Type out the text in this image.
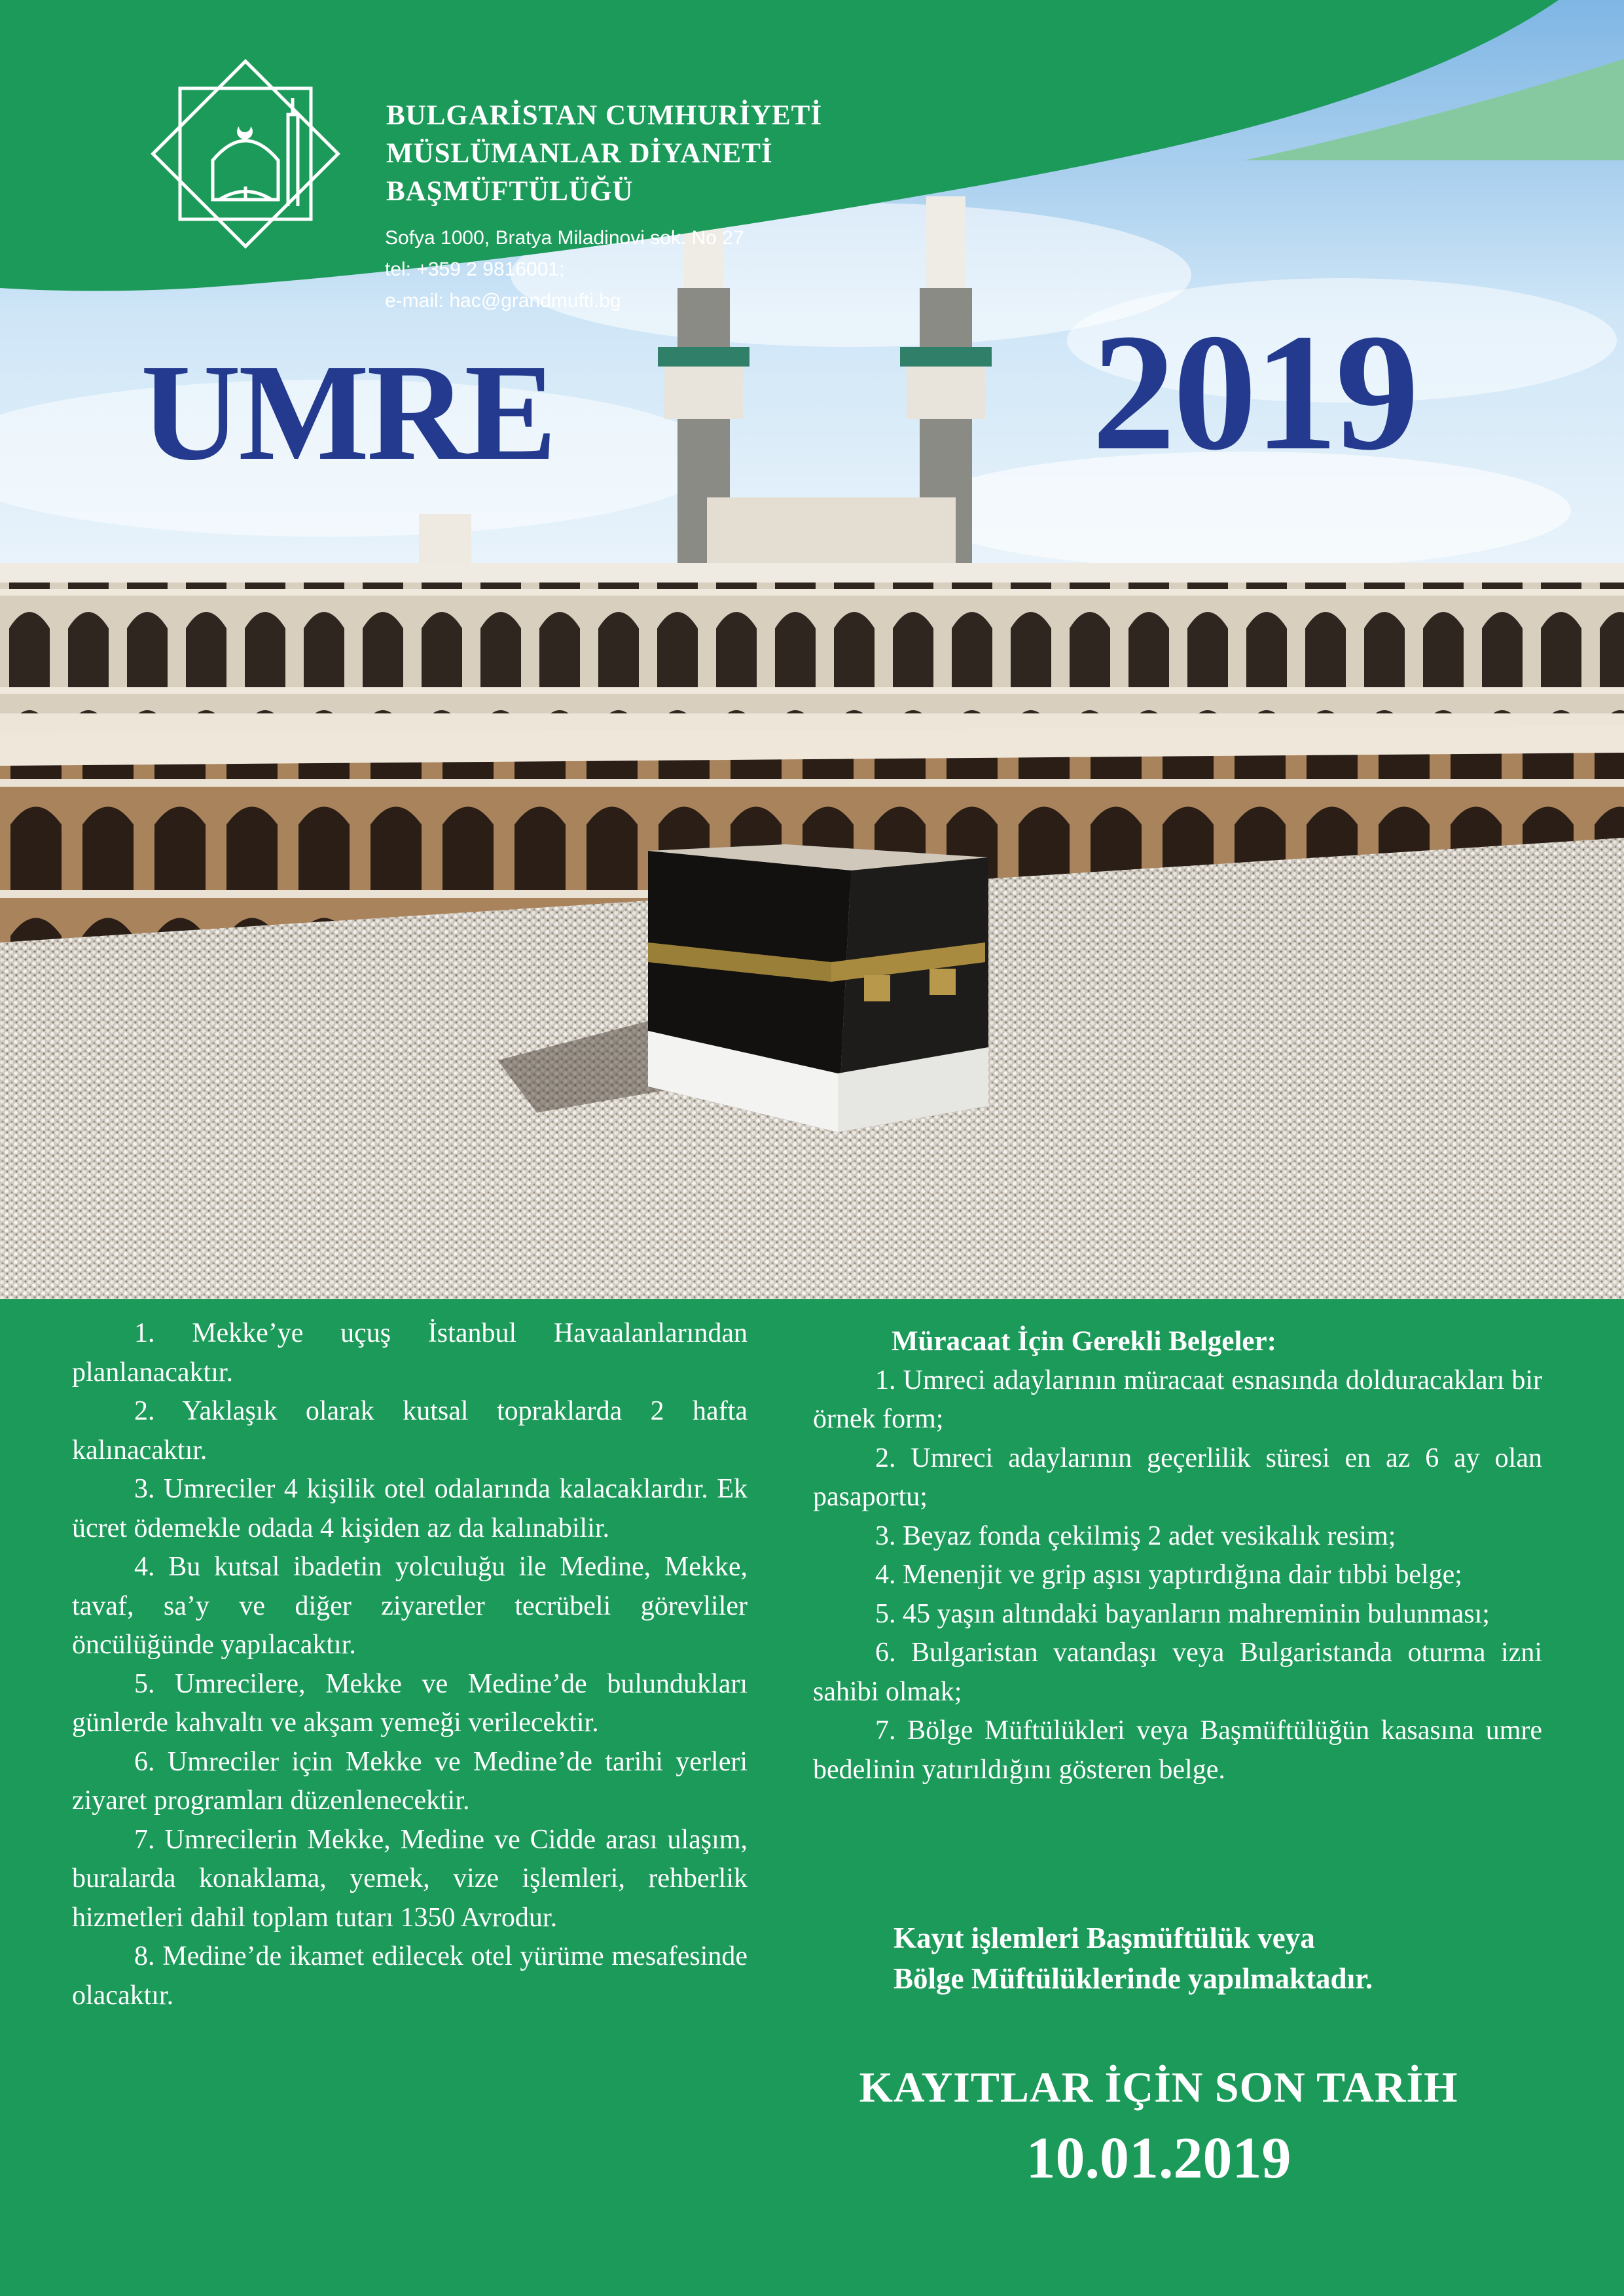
BULGARİSTAN CUMHURİYETİ
MÜSLÜMANLAR DİYANETİ
BAŞMÜFTÜLÜĞÜ
Sofya 1000, Bratya Miladinovi sok. No 27
tel: +359 2 9816001;
e-mail: hac@grandmufti.bg
UMRE	2019

1. Mekke’ye uçuş İstanbul Havaalanlarından planlanacaktır.

2. Yaklaşık olarak kutsal topraklarda 2 hafta kalınacaktır.

3. Umreciler 4 kişilik otel odalarında kalacaklardır. Ek ücret ödemekle odada 4 kişiden az da kalınabilir.

4. Bu kutsal ibadetin yolculuğu ile Medine, Mekke, tavaf, sa’y ve diğer ziyaretler tecrübeli görevliler öncülüğünde yapılacaktır.

5. Umrecilere, Mekke ve Medine’de bulundukları günlerde kahvaltı ve akşam yemeği verilecektir.

6. Umreciler için Mekke ve Medine’de tarihi yerleri ziyaret programları düzenlenecektir.

7. Umrecilerin Mekke, Medine ve Cidde arası ulaşım, buralarda konaklama, yemek, vize işlemleri, rehberlik hizmetleri dahil toplam tutarı 1350 Avrodur.

8. Medine’de ikamet edilecek otel yürüme mesafesinde olacaktır.

Müracaat İçin Gerekli Belgeler:

1. Umreci adaylarının müracaat esnasında dolduracakları bir örnek form;

2. Umreci adaylarının geçerlilik süresi en az 6 ay olan pasaportu;

3. Beyaz fonda çekilmiş 2 adet vesikalık resim;

4. Menenjit ve grip aşısı yaptırdığına dair tıbbi belge;

5. 45 yaşın altındaki bayanların mahreminin bulunması;

6. Bulgaristan vatandaşı veya Bulgaristanda oturma izni sahibi olmak;

7. Bölge Müftülükleri veya Başmüftülüğün kasasına umre bedelinin yatırıldığını gösteren belge.

Kayıt işlemleri Başmüftülük veya
Bölge Müftülüklerinde yapılmaktadır.
KAYITLAR İÇİN SON TARİH
10.01.2019
